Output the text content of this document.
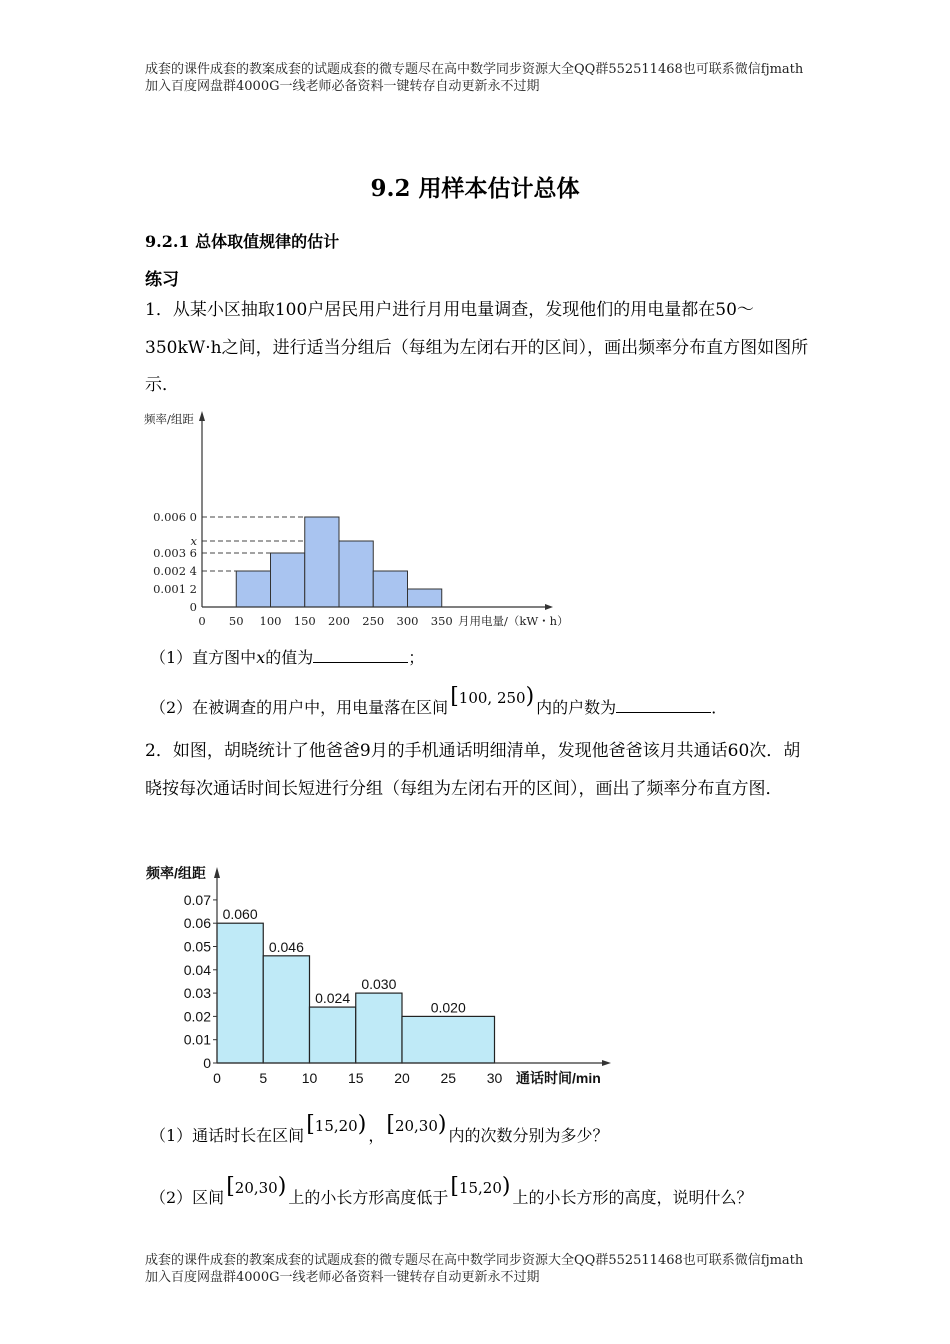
成套的课件成套的教案成套的试题成套的微专题尽在高中数学同步资源大全QQ群552511468也可联系微信fjmath加入百度网盘群4000G一线老师必备资料一键转存自动更新永不过期
9.2 用样本估计总体
9.2.1 总体取值规律的估计
练习

1．从某小区抽取100户居民用户进行月用电量调查，发现他们的用电量都在50～350kW·h之间，进行适当分组后（每组为左闭右开的区间），画出频率分布直方图如图所示．

0 50 100 150 200 250 300 350
0
0.001 2
0.002 4
0.003 6
x
0.006 0
频率/组距
月用电量/（kW・h）
（1）直方图中x的值为	；
（2）在被调查的用户中，用电量落在区间[100, 250) 内的户数为	．

2．如图，胡晓统计了他爸爸9月的手机通话明细清单，发现他爸爸该月共通话60次．胡晓按每次通话时间长短进行分组（每组为左闭右开的区间），画出了频率分布直方图．

0.060
0.046
0.024
0.030
0.020
0
0.01
0.02
0.03
0.04
0.05
0.06
0.07
0	5 10 15 20 25 30
频率/组距
通话时间/min
（1）通话时长在区间[15,20) ，[20,30) 内的次数分别为多少？
（2）区间[20,30) 上的小长方形高度低于[15,20) 上的小长方形的高度，说明什么？
成套的课件成套的教案成套的试题成套的微专题尽在高中数学同步资源大全QQ群552511468也可联系微信fjmath加入百度网盘群4000G一线老师必备资料一键转存自动更新永不过期
